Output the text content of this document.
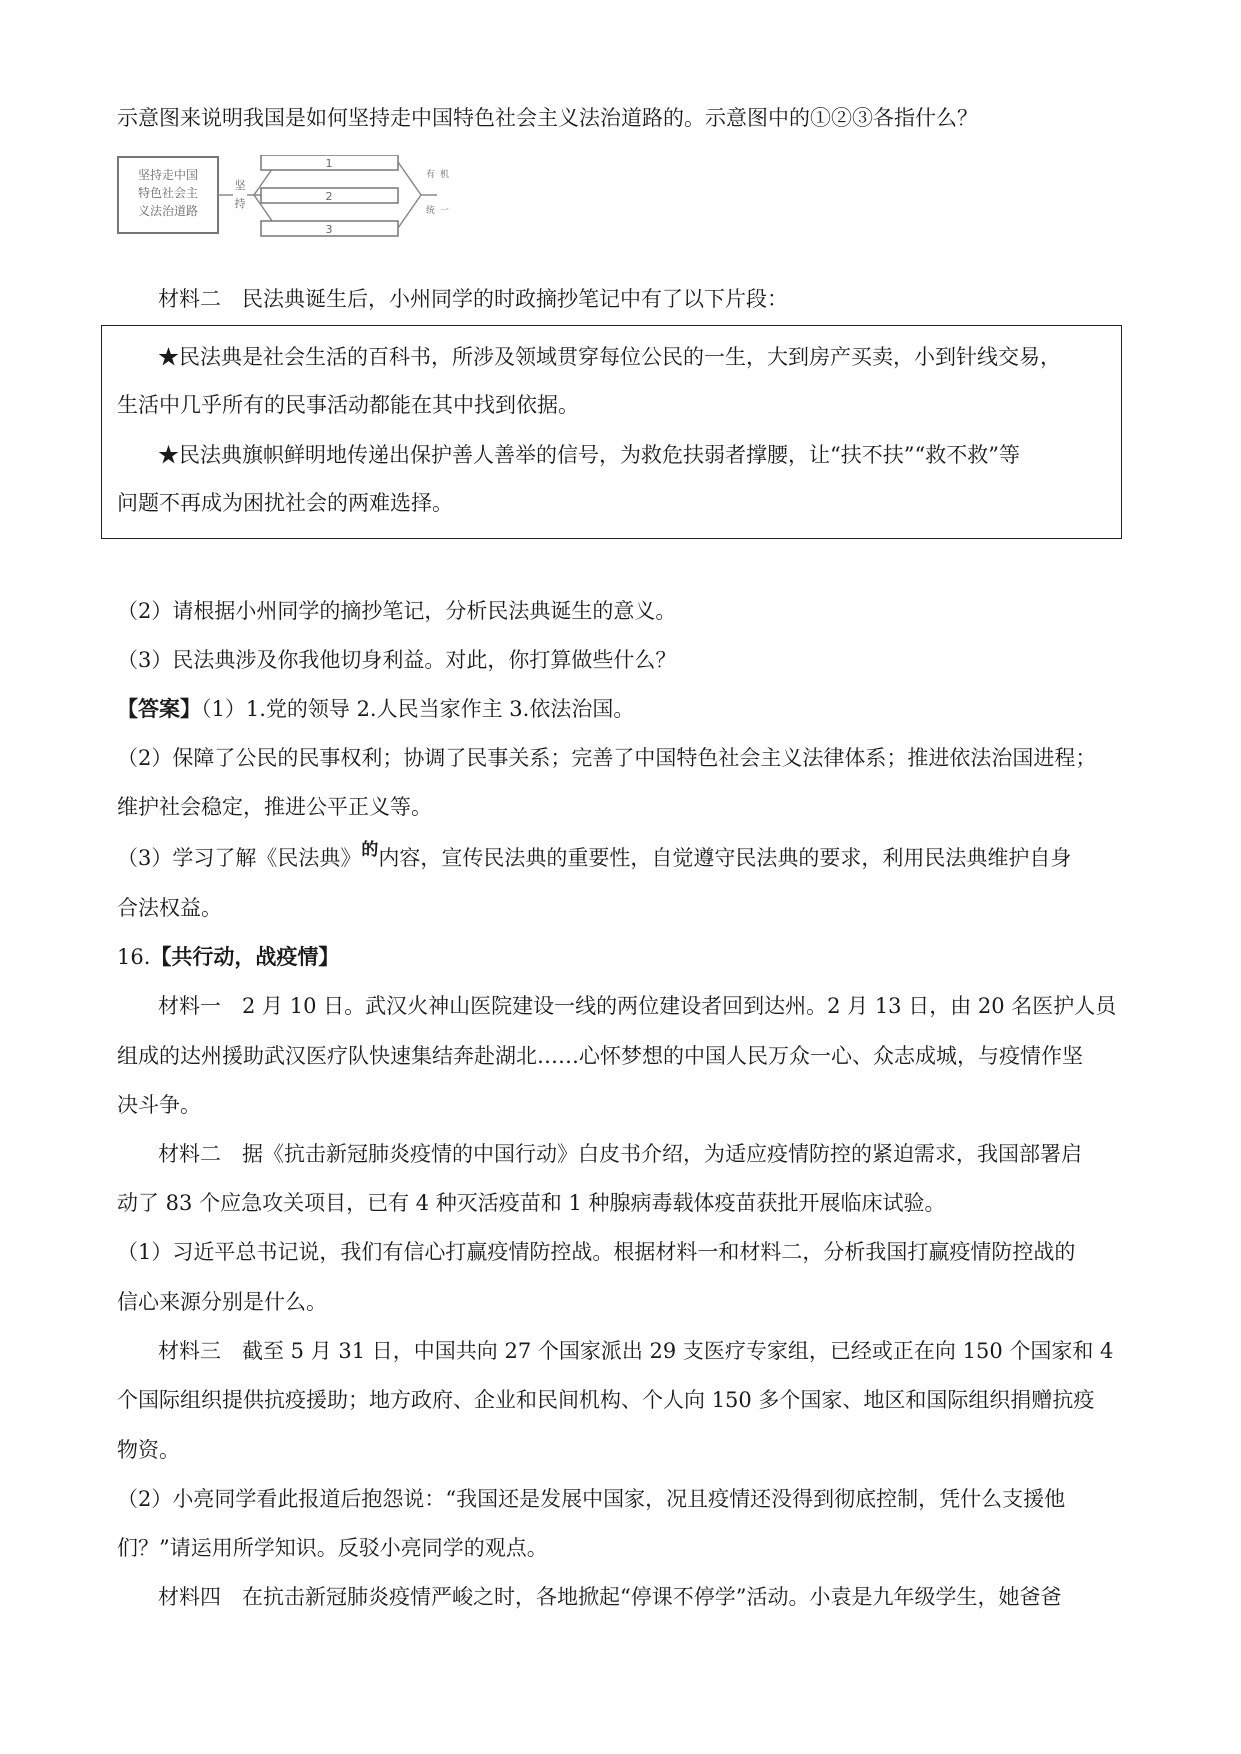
示意图来说明我国是如何坚持走中国特色社会主义法治道路的。示意图中的①②③各指什么？
坚持走中国
特色社会主
义法治道路
坚
持
1
2
3
有 机
统 一
材料二　民法典诞生后，小州同学的时政摘抄笔记中有了以下片段：
★民法典是社会生活的百科书，所涉及领域贯穿每位公民的一生，大到房产买卖，小到针线交易，
生活中几乎所有的民事活动都能在其中找到依据。
★民法典旗帜鲜明地传递出保护善人善举的信号，为救危扶弱者撑腰，让“扶不扶”“救不救”等
问题不再成为困扰社会的两难选择。
（2）请根据小州同学的摘抄笔记，分析民法典诞生的意义。
（3）民法典涉及你我他切身利益。对此，你打算做些什么？
【答案】（1）1.党的领导 2.人民当家作主 3.依法治国。
（2）保障了公民的民事权利；协调了民事关系；完善了中国特色社会主义法律体系；推进依法治国进程；
维护社会稳定，推进公平正义等。
（3）学习了解《民法典》$^的$内容，宣传民法典的重要性，自觉遵守民法典的要求，利用民法典维护自身
合法权益。
16.【共行动，战疫情】
材料一　2 月 10 日。武汉火神山医院建设一线的两位建设者回到达州。2 月 13 日，由 20 名医护人员
组成的达州援助武汉医疗队快速集结奔赴湖北……心怀梦想的中国人民万众一心、众志成城，与疫情作坚
决斗争。
材料二　据《抗击新冠肺炎疫情的中国行动》白皮书介绍，为适应疫情防控的紧迫需求，我国部署启
动了 83 个应急攻关项目，已有 4 种灭活疫苗和 1 种腺病毒载体疫苗获批开展临床试验。
（1）习近平总书记说，我们有信心打赢疫情防控战。根据材料一和材料二，分析我国打赢疫情防控战的
信心来源分别是什么。
材料三　截至 5 月 31 日，中国共向 27 个国家派出 29 支医疗专家组，已经或正在向 150 个国家和 4
个国际组织提供抗疫援助；地方政府、企业和民间机构、个人向 150 多个国家、地区和国际组织捐赠抗疫
物资。
（2）小亮同学看此报道后抱怨说：“我国还是发展中国家，况且疫情还没得到彻底控制，凭什么支援他
们？”请运用所学知识。反驳小亮同学的观点。
材料四　在抗击新冠肺炎疫情严峻之时，各地掀起“停课不停学”活动。小袁是九年级学生，她爸爸
